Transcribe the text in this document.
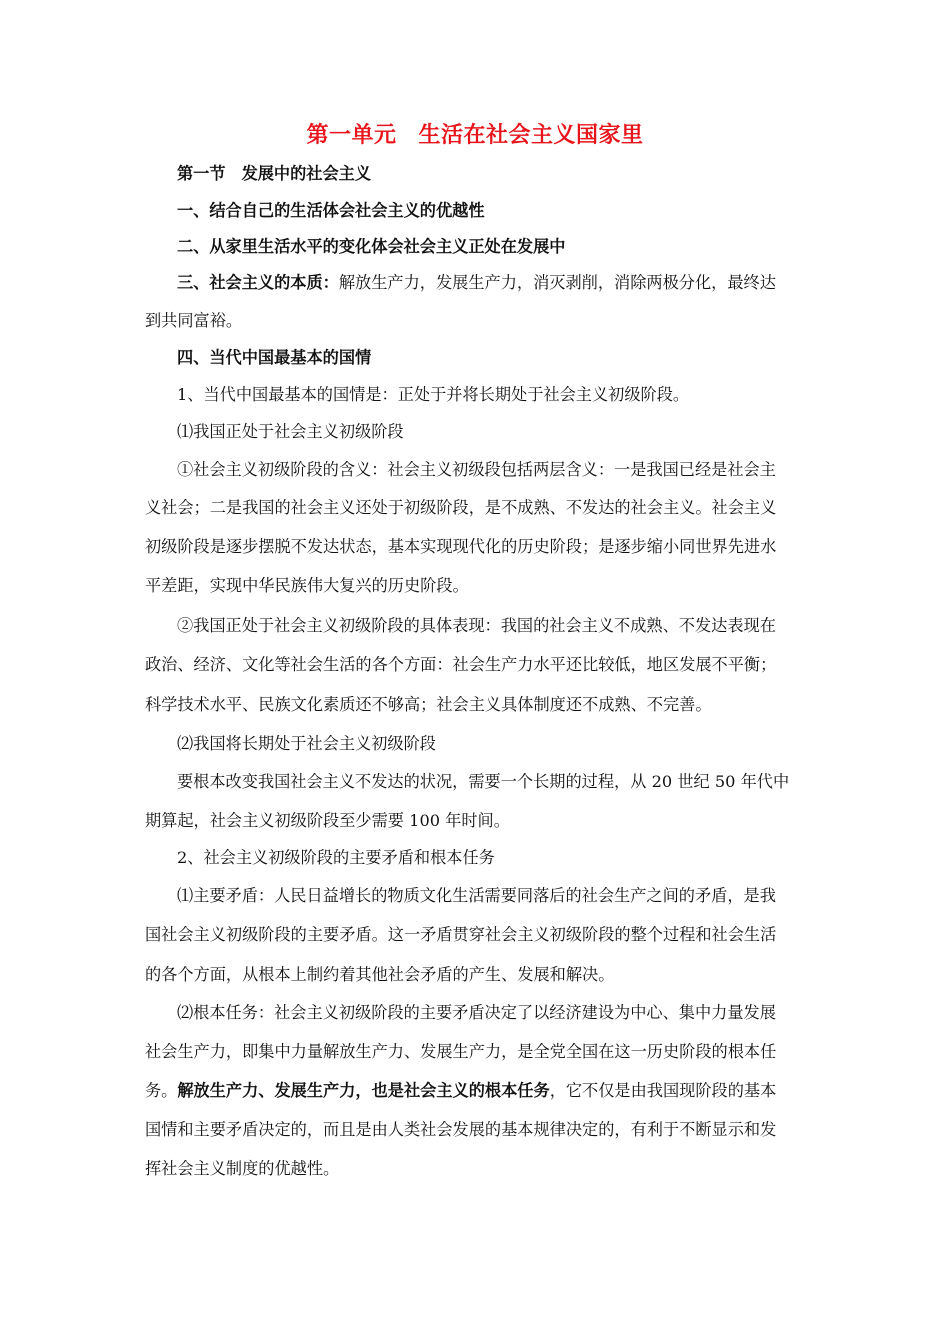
第一单元 生活在社会主义国家里
第一节 发展中的社会主义
一、结合自己的生活体会社会主义的优越性
二、从家里生活水平的变化体会社会主义正处在发展中
三、社会主义的本质：解放生产力，发展生产力，消灭剥削，消除两极分化，最终达
到共同富裕。
四、当代中国最基本的国情
1、当代中国最基本的国情是：正处于并将长期处于社会主义初级阶段。
⑴我国正处于社会主义初级阶段
①社会主义初级阶段的含义：社会主义初级段包括两层含义：一是我国已经是社会主
义社会；二是我国的社会主义还处于初级阶段，是不成熟、不发达的社会主义。社会主义
初级阶段是逐步摆脱不发达状态，基本实现现代化的历史阶段；是逐步缩小同世界先进水
平差距，实现中华民族伟大复兴的历史阶段。
②我国正处于社会主义初级阶段的具体表现：我国的社会主义不成熟、不发达表现在
政治、经济、文化等社会生活的各个方面：社会生产力水平还比较低，地区发展不平衡；
科学技术水平、民族文化素质还不够高；社会主义具体制度还不成熟、不完善。
⑵我国将长期处于社会主义初级阶段
要根本改变我国社会主义不发达的状况，需要一个长期的过程，从 20 世纪 50 年代中
期算起，社会主义初级阶段至少需要 100 年时间。
2、社会主义初级阶段的主要矛盾和根本任务
⑴主要矛盾：人民日益增长的物质文化生活需要同落后的社会生产之间的矛盾，是我
国社会主义初级阶段的主要矛盾。这一矛盾贯穿社会主义初级阶段的整个过程和社会生活
的各个方面，从根本上制约着其他社会矛盾的产生、发展和解决。
⑵根本任务：社会主义初级阶段的主要矛盾决定了以经济建设为中心、集中力量发展
社会生产力，即集中力量解放生产力、发展生产力，是全党全国在这一历史阶段的根本任
务。解放生产力、发展生产力，也是社会主义的根本任务，它不仅是由我国现阶段的基本
国情和主要矛盾决定的，而且是由人类社会发展的基本规律决定的，有利于不断显示和发
挥社会主义制度的优越性。
